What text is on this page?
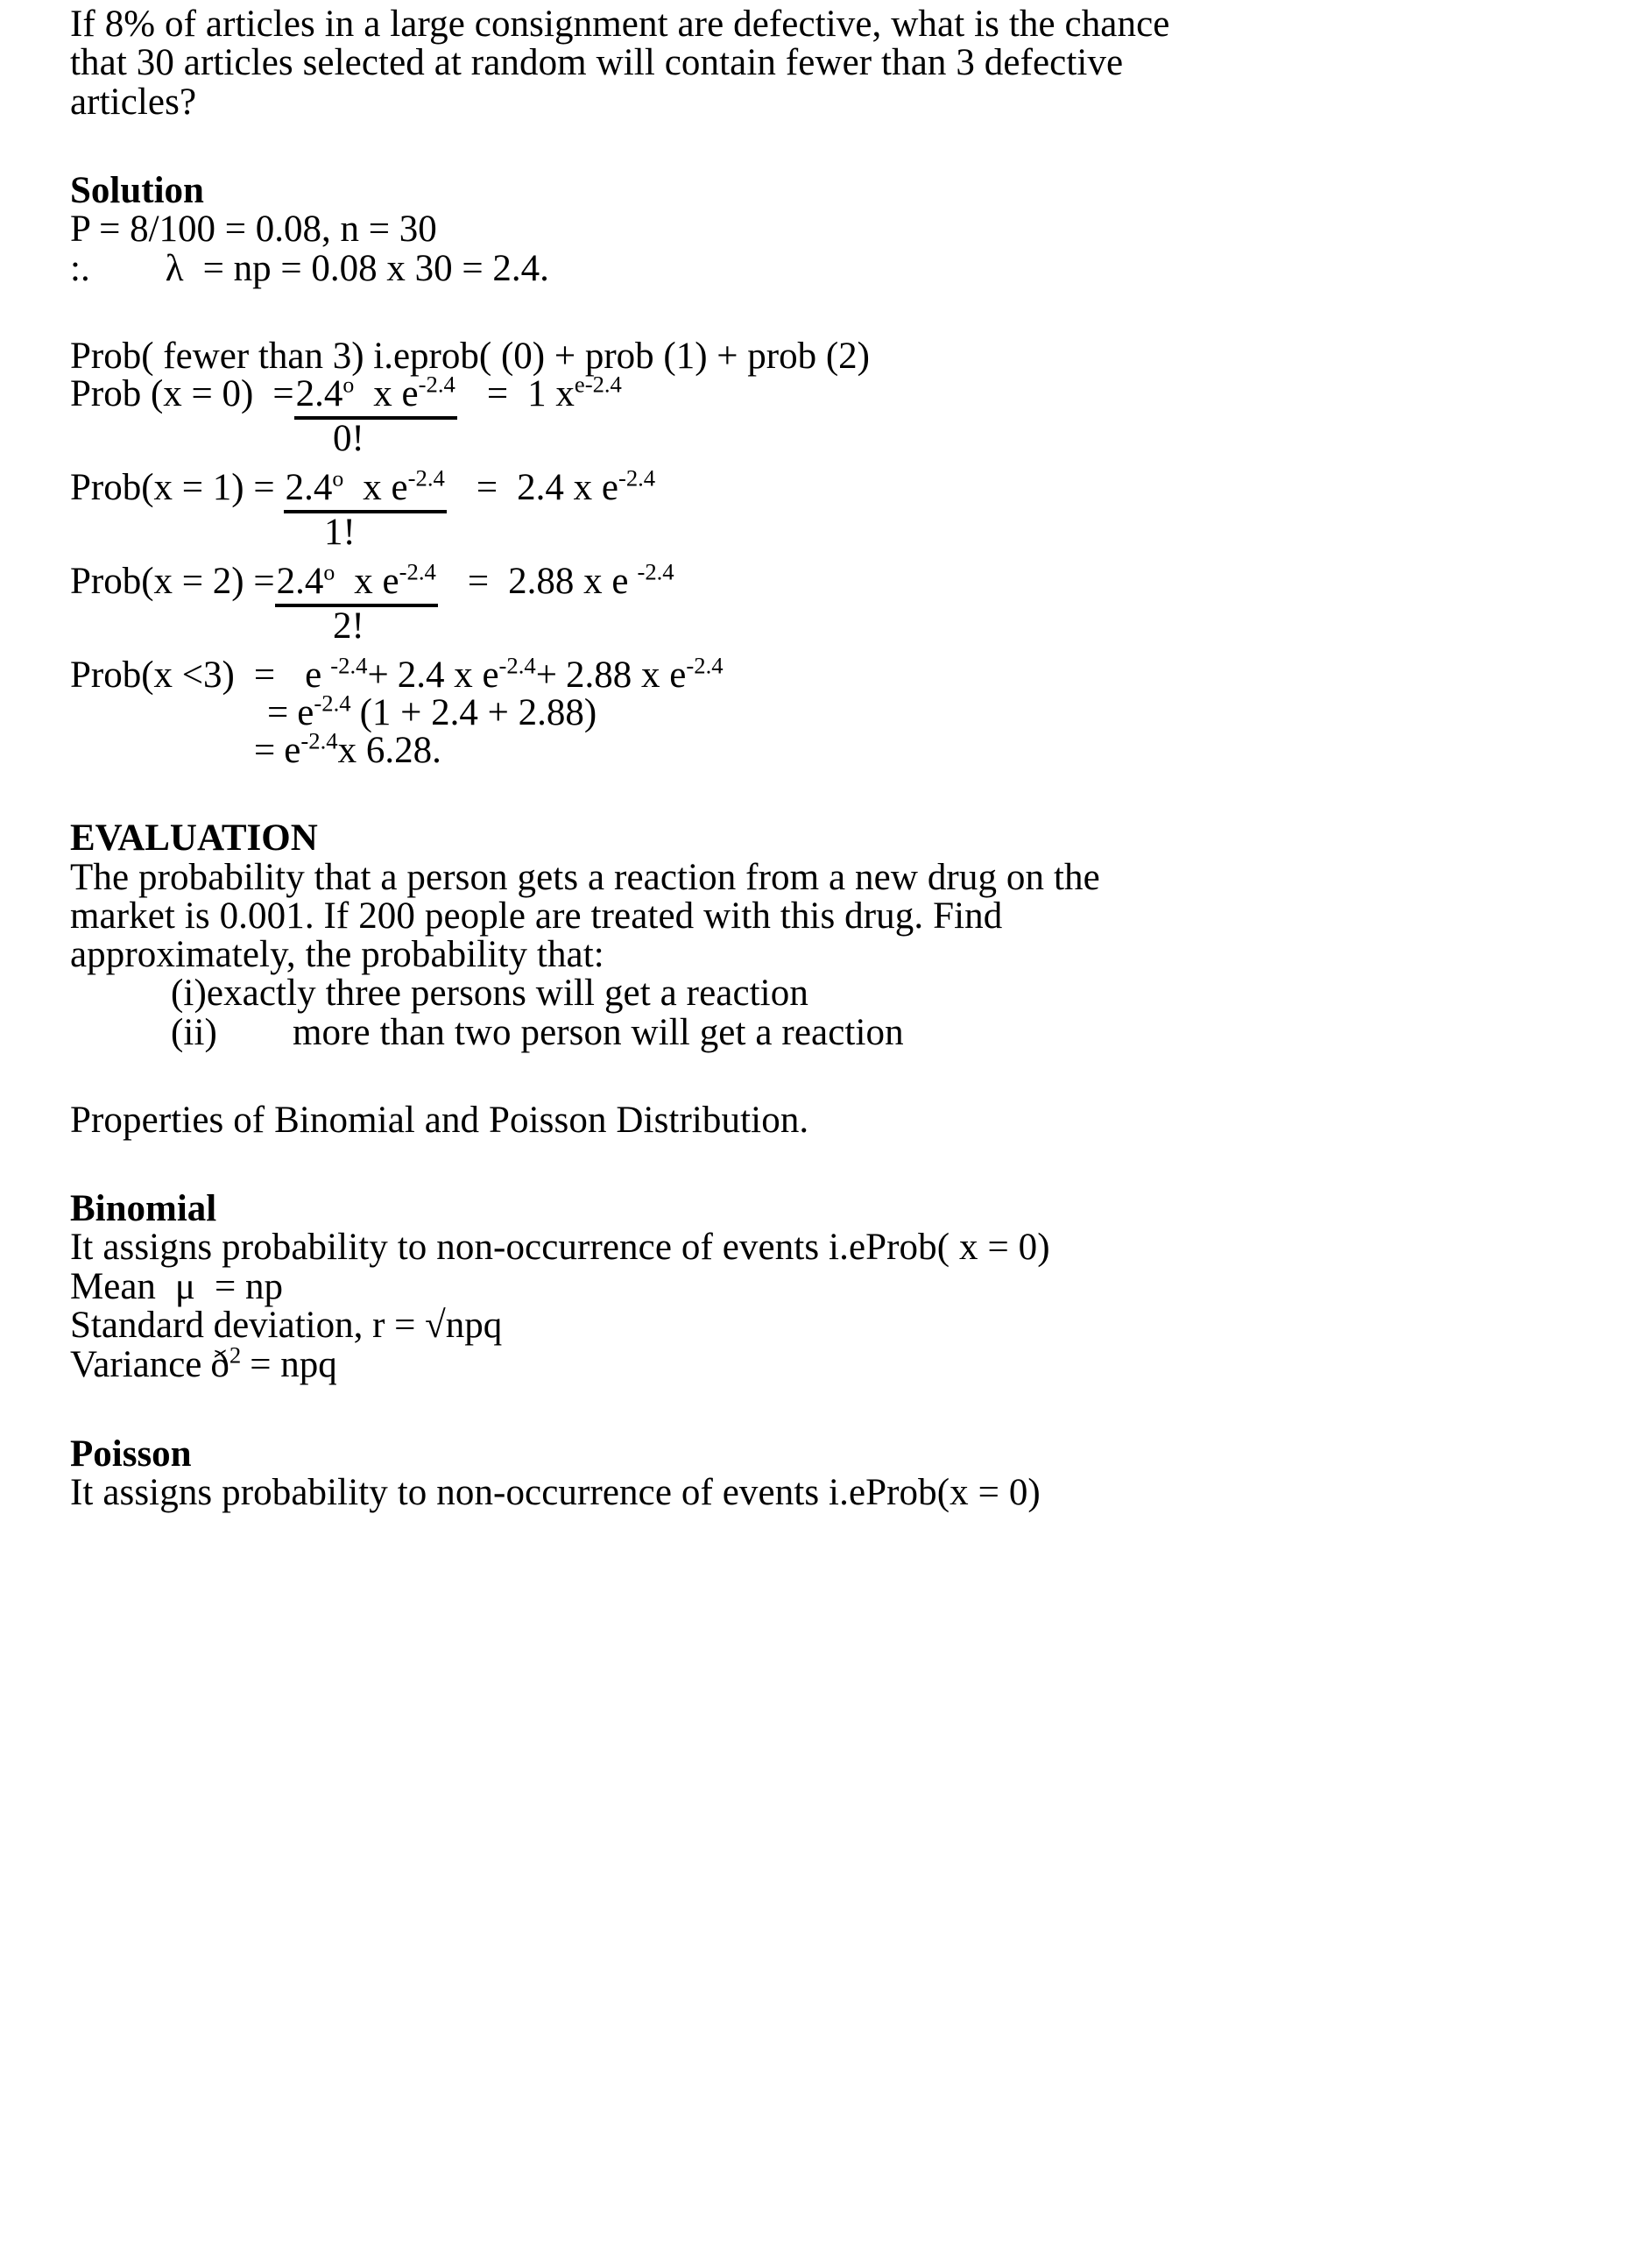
If 8% of articles in a large consignment are defective, what is the chance
that 30 articles selected at random will contain fewer than 3 defective
articles?
Solution
P = 8/100 = 0.08, n = 30
:. λ = np = 0.08 x 30 = 2.4.
Prob( fewer than 3) i.eprob( (0) + prob (1) + prob (2)
Prob $(x = 0) =2.4^o$ x $e^{-2.4} = 1$ $x^{e-2.4}$
0!
Prob(x = $1) = 2.4^o$ x $e^{-2.4} = 2.4$ x $e^{-2.4}$
1!
Prob(x = $2) =2.4^o$ x $e^{-2.4} = 2.88$ x e $^{-2.4}$
2!
Prob(x <3) = e $^{-2.4}$+ 2.4 x $e^{-2.4}+ 2.88$ x $e^{-2.4}$
= $e^{-2.4}$ (1 + 2.4 + 2.88)
= $e^{-2.4}x$ 6.28.
EVALUATION
The probability that a person gets a reaction from a new drug on the
market is 0.001. If 200 people are treated with this drug. Find
approximately, the probability that:
(i)exactly three persons will get a reaction
(ii) more than two person will get a reaction
Properties of Binomial and Poisson Distribution.
Binomial
It assigns probability to non-occurrence of events i.eProb( x = 0)
Mean μ = np
Standard deviation, r = √npq
Variance $ð^2$ = npq
Poisson
It assigns probability to non-occurrence of events i.eProb(x = 0)
